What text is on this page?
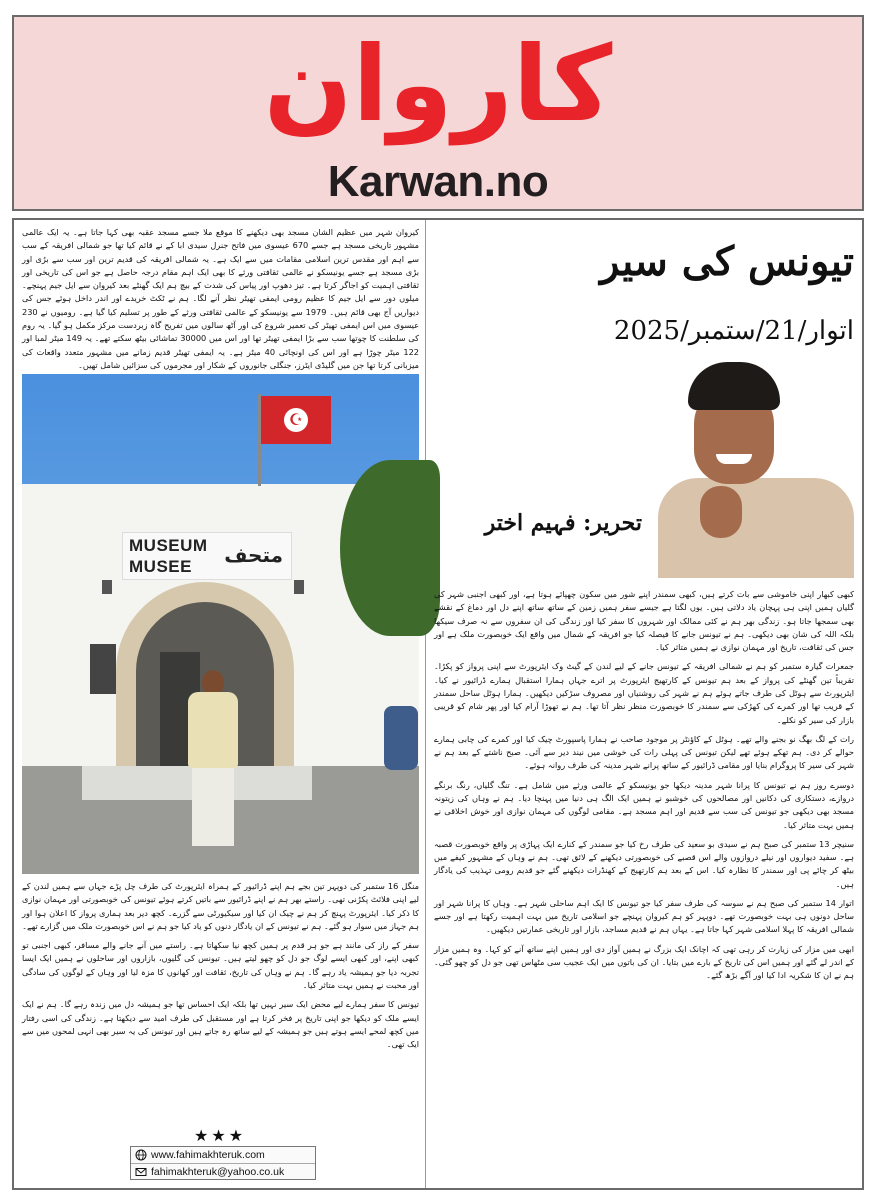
کاروان
Karwan.no
کیروان شہر میں عظیم الشان مسجد بھی دیکھنے کا موقع ملا جسے مسجد عقبہ بھی کہا جاتا ہے۔ یہ ایک عالمی مشہور تاریخی مسجد ہے جسے 670 عیسوی میں فاتح جنرل سیدی ابا کے نے قائم کیا تھا جو شمالی افریقہ کے سب سے اہم اور مقدس ترین اسلامی مقامات میں سے ایک ہے۔ یہ شمالی افریقہ کی قدیم ترین اور سب سے بڑی اور بڑی مسجد ہے جسے یونیسکو نے عالمی ثقافتی ورثے کا بھی ایک اہم مقام درجہ حاصل ہے جو اس کی تاریخی اور ثقافتی اہمیت کو اجاگر کرتا ہے۔ تیز دھوپ اور پیاس کی شدت کے بیچ ہم ایک گھنٹے بعد کیروان سے ایل جیم پہنچے۔ میلوں دور سے ایل جیم کا عظیم رومی ایمفی تھیٹر نظر آنے لگا۔ ہم نے ٹکٹ خریدے اور اندر داخل ہوئے جس کی دیواریں آج بھی قائم ہیں۔ 1979 سے یونیسکو کے عالمی ثقافتی ورثے کے طور پر تسلیم کیا گیا ہے۔ رومیوں نے 230 عیسوی میں اس ایمفی تھیٹر کی تعمیر شروع کی اور آٹھ سالوں میں تفریح گاہ زبردست مرکز مکمل ہو گیا۔ یہ روم کی سلطنت کا چوتھا سب سے بڑا ایمفی تھیٹر تھا اور اس میں 30000 تماشائی بیٹھ سکتے تھے۔ یہ 149 میٹر لمبا اور 122 میٹر چوڑا ہے اور اس کی اونچائی 40 میٹر ہے۔ یہ ایمفی تھیٹر قدیم زمانے میں مشہور متعدد واقعات کی میزبانی کرتا تھا جن میں گلیڈی ایٹرز، جنگلی جانوروں کے شکار اور مجرموں کی سزائیں شامل تھیں۔
☪
MUSEUM
MUSEE متحف

منگل 16 ستمبر کی دوپہر تین بجے ہم اپنے ڈرائیور کے ہمراہ ایئرپورٹ کی طرف چل پڑے جہاں سے ہمیں لندن کے لیے اپنی فلائٹ پکڑنی تھی۔ راستے بھر ہم نے اپنے ڈرائیور سے باتیں کرتے ہوئے تیونس کی خوبصورتی اور مہمان نوازی کا ذکر کیا۔ ایئرپورٹ پہنچ کر ہم نے چیک ان کیا اور سیکیورٹی سے گزرے۔ کچھ دیر بعد ہماری پرواز کا اعلان ہوا اور ہم جہاز میں سوار ہو گئے۔ ہم نے تیونس کے ان یادگار دنوں کو یاد کیا جو ہم نے اس خوبصورت ملک میں گزارے تھے۔

سفر کے راز کی مانند ہے جو ہر قدم پر ہمیں کچھ نیا سکھاتا ہے۔ راستے میں آنے جانے والے مسافر، کبھی اجنبی تو کبھی اپنے، اور کبھی ایسے لوگ جو دل کو چھو لیتے ہیں۔ تیونس کی گلیوں، بازاروں اور ساحلوں نے ہمیں ایک ایسا تجربہ دیا جو ہمیشہ یاد رہے گا۔ ہم نے وہاں کی تاریخ، ثقافت اور کھانوں کا مزہ لیا اور وہاں کے لوگوں کی سادگی اور محبت نے ہمیں بہت متاثر کیا۔

تیونس کا سفر ہمارے لیے محض ایک سیر نہیں تھا بلکہ ایک احساس تھا جو ہمیشہ دل میں زندہ رہے گا۔ ہم نے ایک ایسے ملک کو دیکھا جو اپنی تاریخ پر فخر کرتا ہے اور مستقبل کی طرف امید سے دیکھتا ہے۔ زندگی کی اسی رفتار میں کچھ لمحے ایسے ہوتے ہیں جو ہمیشہ کے لیے ساتھ رہ جاتے ہیں اور تیونس کی یہ سیر بھی انہی لمحوں میں سے ایک تھی۔

★★★
www.fahimakhteruk.com
fahimakhteruk@yahoo.co.uk
تیونس کی سیر
اتوار/21/ستمبر/2025
تحریر: فہیم اختر

کبھی کبھار اپنی خاموشی سے بات کرتے ہیں، کبھی سمندر اپنے شور میں سکون چھپائے ہوتا ہے، اور کبھی اجنبی شہر کی گلیاں ہمیں اپنی ہی پہچان یاد دلاتی ہیں۔ یوں لگتا ہے جیسے سفر ہمیں زمین کے ساتھ ساتھ اپنے دل اور دماغ کے نقشے بھی سمجھا جاتا ہو۔ زندگی بھر ہم نے کئی ممالک اور شہروں کا سفر کیا اور زندگی کی ان سفروں سے نہ صرف سیکھا بلکہ اللہ کی شان بھی دیکھی۔ ہم نے تیونس جانے کا فیصلہ کیا جو افریقہ کے شمال میں واقع ایک خوبصورت ملک ہے اور جس کی ثقافت، تاریخ اور مہمان نوازی نے ہمیں متاثر کیا۔

جمعرات گیارہ ستمبر کو ہم نے شمالی افریقہ کے تیونس جانے کے لیے لندن کے گیٹ وک ایئرپورٹ سے اپنی پرواز کو پکڑا۔ تقریباً تین گھنٹے کی پرواز کے بعد ہم تیونس کے کارتھیج ایئرپورٹ پر اترے جہاں ہمارا استقبال ہمارے ڈرائیور نے کیا۔ ایئرپورٹ سے ہوٹل کی طرف جاتے ہوئے ہم نے شہر کی روشنیاں اور مصروف سڑکیں دیکھیں۔ ہمارا ہوٹل ساحل سمندر کے قریب تھا اور کمرے کی کھڑکی سے سمندر کا خوبصورت منظر نظر آتا تھا۔ ہم نے تھوڑا آرام کیا اور پھر شام کو قریبی بازار کی سیر کو نکلے۔

رات کے لگ بھگ نو بجنے والے تھے۔ ہوٹل کے کاؤنٹر پر موجود صاحب نے ہمارا پاسپورٹ چیک کیا اور کمرے کی چابی ہمارے حوالے کر دی۔ ہم تھکے ہوئے تھے لیکن تیونس کی پہلی رات کی خوشی میں نیند دیر سے آئی۔ صبح ناشتے کے بعد ہم نے شہر کی سیر کا پروگرام بنایا اور مقامی ڈرائیور کے ساتھ پرانے شہر مدینہ کی طرف روانہ ہوئے۔

دوسرے روز ہم نے تیونس کا پرانا شہر مدینہ دیکھا جو یونیسکو کے عالمی ورثے میں شامل ہے۔ تنگ گلیاں، رنگ برنگے دروازے، دستکاری کی دکانیں اور مصالحوں کی خوشبو نے ہمیں ایک الگ ہی دنیا میں پہنچا دیا۔ ہم نے وہاں کی زیتونہ مسجد بھی دیکھی جو تیونس کی سب سے قدیم اور اہم مسجد ہے۔ مقامی لوگوں کی مہمان نوازی اور خوش اخلاقی نے ہمیں بہت متاثر کیا۔

سنیچر 13 ستمبر کی صبح ہم نے سیدی بو سعید کی طرف رخ کیا جو سمندر کے کنارے ایک پہاڑی پر واقع خوبصورت قصبہ ہے۔ سفید دیواروں اور نیلے دروازوں والے اس قصبے کی خوبصورتی دیکھنے کے لائق تھی۔ ہم نے وہاں کے مشہور کیفے میں بیٹھ کر چائے پی اور سمندر کا نظارہ کیا۔ اس کے بعد ہم کارتھیج کے کھنڈرات دیکھنے گئے جو قدیم رومی تہذیب کی یادگار ہیں۔

اتوار 14 ستمبر کی صبح ہم نے سوسہ کی طرف سفر کیا جو تیونس کا ایک اہم ساحلی شہر ہے۔ وہاں کا پرانا شہر اور ساحل دونوں ہی بہت خوبصورت تھے۔ دوپہر کو ہم کیروان پہنچے جو اسلامی تاریخ میں بہت اہمیت رکھتا ہے اور جسے شمالی افریقہ کا پہلا اسلامی شہر کہا جاتا ہے۔ یہاں ہم نے قدیم مساجد، بازار اور تاریخی عمارتیں دیکھیں۔

ابھی میں مزار کی زیارت کر رہی تھی کہ اچانک ایک بزرگ نے ہمیں آواز دی اور ہمیں اپنے ساتھ آنے کو کہا۔ وہ ہمیں مزار کے اندر لے گئے اور ہمیں اس کی تاریخ کے بارے میں بتایا۔ ان کی باتوں میں ایک عجیب سی مٹھاس تھی جو دل کو چھو گئی۔ ہم نے ان کا شکریہ ادا کیا اور آگے بڑھ گئے۔
